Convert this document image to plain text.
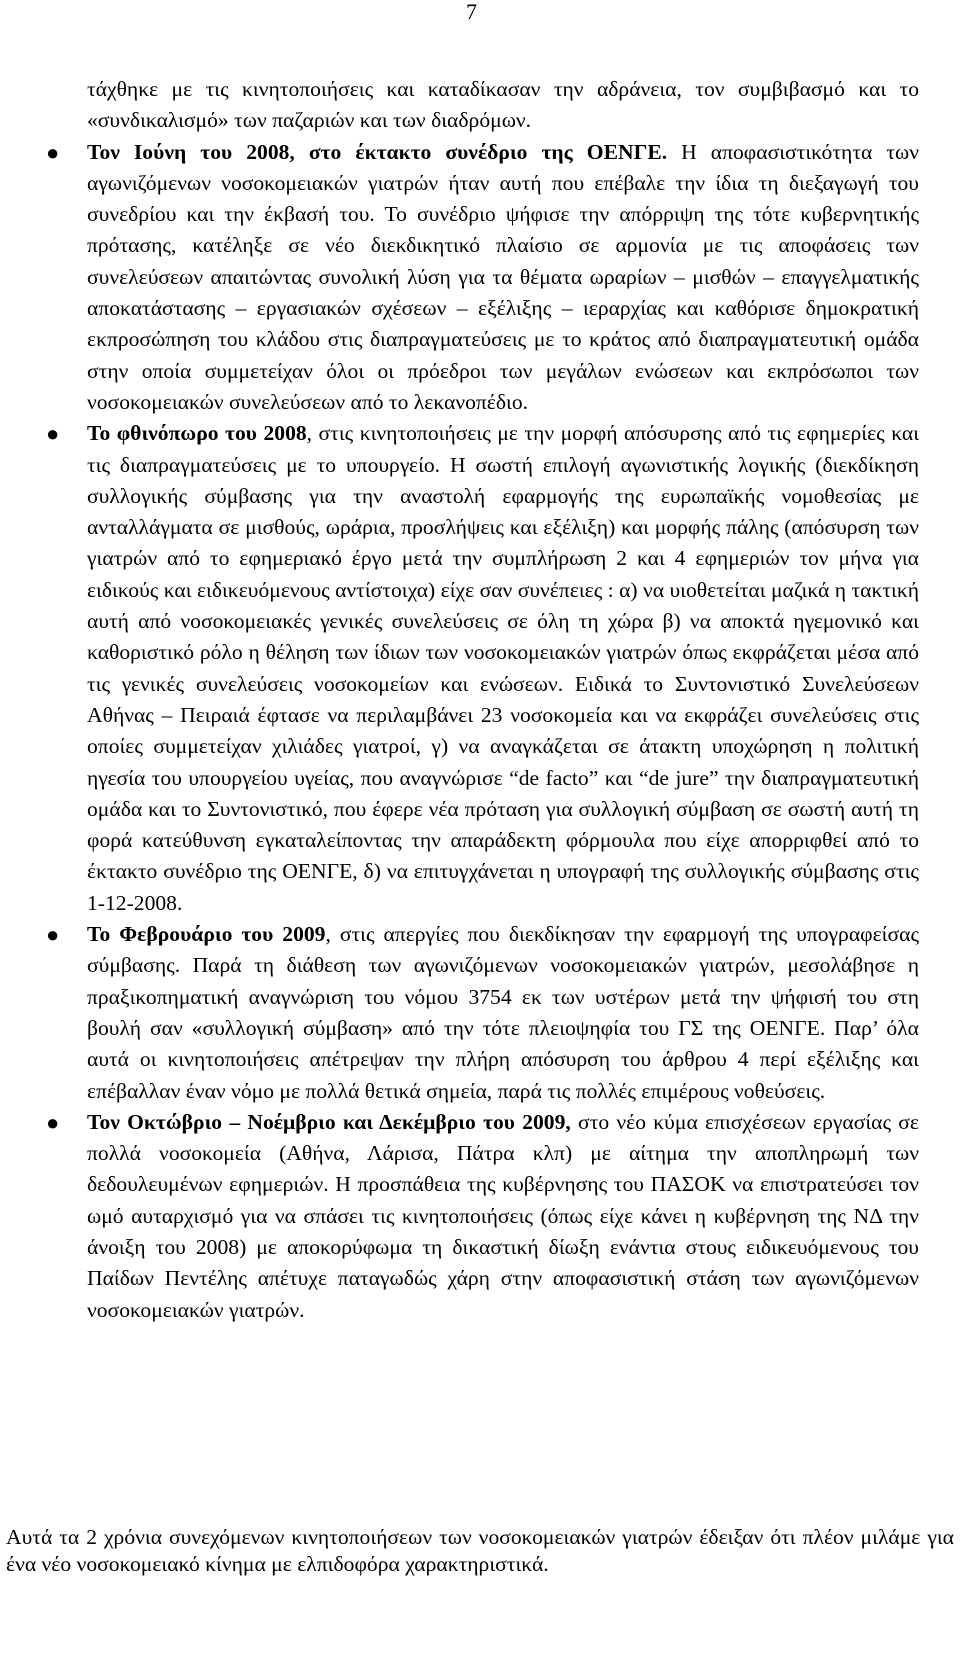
7
τάχθηκε με τις κινητοποιήσεις και καταδίκασαν την αδράνεια, τον συμβιβασμό και το «συνδικαλισμό» των παζαριών και των διαδρόμων.
● Τον Ιούνη του 2008, στο έκτακτο συνέδριο της ΟΕΝΓΕ. Η αποφασιστικότητα των αγωνιζόμενων νοσοκομειακών γιατρών ήταν αυτή που επέβαλε την ίδια τη διεξαγωγή του συνεδρίου και την έκβασή του. Το συνέδριο ψήφισε την απόρριψη της τότε κυβερνητικής πρότασης, κατέληξε σε νέο διεκδικητικό πλαίσιο σε αρμονία με τις αποφάσεις των συνελεύσεων απαιτώντας συνολική λύση για τα θέματα ωραρίων – μισθών – επαγγελματικής αποκατάστασης – εργασιακών σχέσεων – εξέλιξης – ιεραρχίας και καθόρισε δημοκρατική εκπροσώπηση του κλάδου στις διαπραγματεύσεις με το κράτος από διαπραγματευτική ομάδα στην οποία συμμετείχαν όλοι οι πρόεδροι των μεγάλων ενώσεων και εκπρόσωποι των νοσοκομειακών συνελεύσεων από το λεκανοπέδιο.
● Το φθινόπωρο του 2008, στις κινητοποιήσεις με την μορφή απόσυρσης από τις εφημερίες και τις διαπραγματεύσεις με το υπουργείο. Η σωστή επιλογή αγωνιστικής λογικής (διεκδίκηση συλλογικής σύμβασης για την αναστολή εφαρμογής της ευρωπαϊκής νομοθεσίας με ανταλλάγματα σε μισθούς, ωράρια, προσλήψεις και εξέλιξη) και μορφής πάλης (απόσυρση των γιατρών από το εφημεριακό έργο μετά την συμπλήρωση 2 και 4 εφημεριών τον μήνα για ειδικούς και ειδικευόμενους αντίστοιχα) είχε σαν συνέπειες : α) να υιοθετείται μαζικά η τακτική αυτή από νοσοκομειακές γενικές συνελεύσεις σε όλη τη χώρα β) να αποκτά ηγεμονικό και καθοριστικό ρόλο η θέληση των ίδιων των νοσοκομειακών γιατρών όπως εκφράζεται μέσα από τις γενικές συνελεύσεις νοσοκομείων και ενώσεων. Ειδικά το Συντονιστικό Συνελεύσεων Αθήνας – Πειραιά έφτασε να περιλαμβάνει 23 νοσοκομεία και να εκφράζει συνελεύσεις στις οποίες συμμετείχαν χιλιάδες γιατροί, γ) να αναγκάζεται σε άτακτη υποχώρηση η πολιτική ηγεσία του υπουργείου υγείας, που αναγνώρισε “de facto” και “de jure” την διαπραγματευτική ομάδα και το Συντονιστικό, που έφερε νέα πρόταση για συλλογική σύμβαση σε σωστή αυτή τη φορά κατεύθυνση εγκαταλείποντας την απαράδεκτη φόρμουλα που είχε απορριφθεί από το έκτακτο συνέδριο της ΟΕΝΓΕ, δ) να επιτυγχάνεται η υπογραφή της συλλογικής σύμβασης στις 1-12-2008.
● Το Φεβρουάριο του 2009, στις απεργίες που διεκδίκησαν την εφαρμογή της υπογραφείσας σύμβασης. Παρά τη διάθεση των αγωνιζόμενων νοσοκομειακών γιατρών, μεσολάβησε η πραξικοπηματική αναγνώριση του νόμου 3754 εκ των υστέρων μετά την ψήφισή του στη βουλή σαν «συλλογική σύμβαση» από την τότε πλειοψηφία του ΓΣ της ΟΕΝΓΕ. Παρ’ όλα αυτά οι κινητοποιήσεις απέτρεψαν την πλήρη απόσυρση του άρθρου 4 περί εξέλιξης και επέβαλλαν έναν νόμο με πολλά θετικά σημεία, παρά τις πολλές επιμέρους νοθεύσεις.
● Τον Οκτώβριο – Νοέμβριο και Δεκέμβριο του 2009, στο νέο κύμα επισχέσεων εργασίας σε πολλά νοσοκομεία (Αθήνα, Λάρισα, Πάτρα κλπ) με αίτημα την αποπληρωμή των δεδουλευμένων εφημεριών. Η προσπάθεια της κυβέρνησης του ΠΑΣΟΚ να επιστρατεύσει τον ωμό αυταρχισμό για να σπάσει τις κινητοποιήσεις (όπως είχε κάνει η κυβέρνηση της ΝΔ την άνοιξη του 2008) με αποκορύφωμα τη δικαστική δίωξη ενάντια στους ειδικευόμενους του Παίδων Πεντέλης απέτυχε παταγωδώς χάρη στην αποφασιστική στάση των αγωνιζόμενων νοσοκομειακών γιατρών.

Αυτά τα 2 χρόνια συνεχόμενων κινητοποιήσεων των νοσοκομειακών γιατρών έδειξαν ότι πλέον μιλάμε για ένα νέο νοσοκομειακό κίνημα με ελπιδοφόρα χαρακτηριστικά.
